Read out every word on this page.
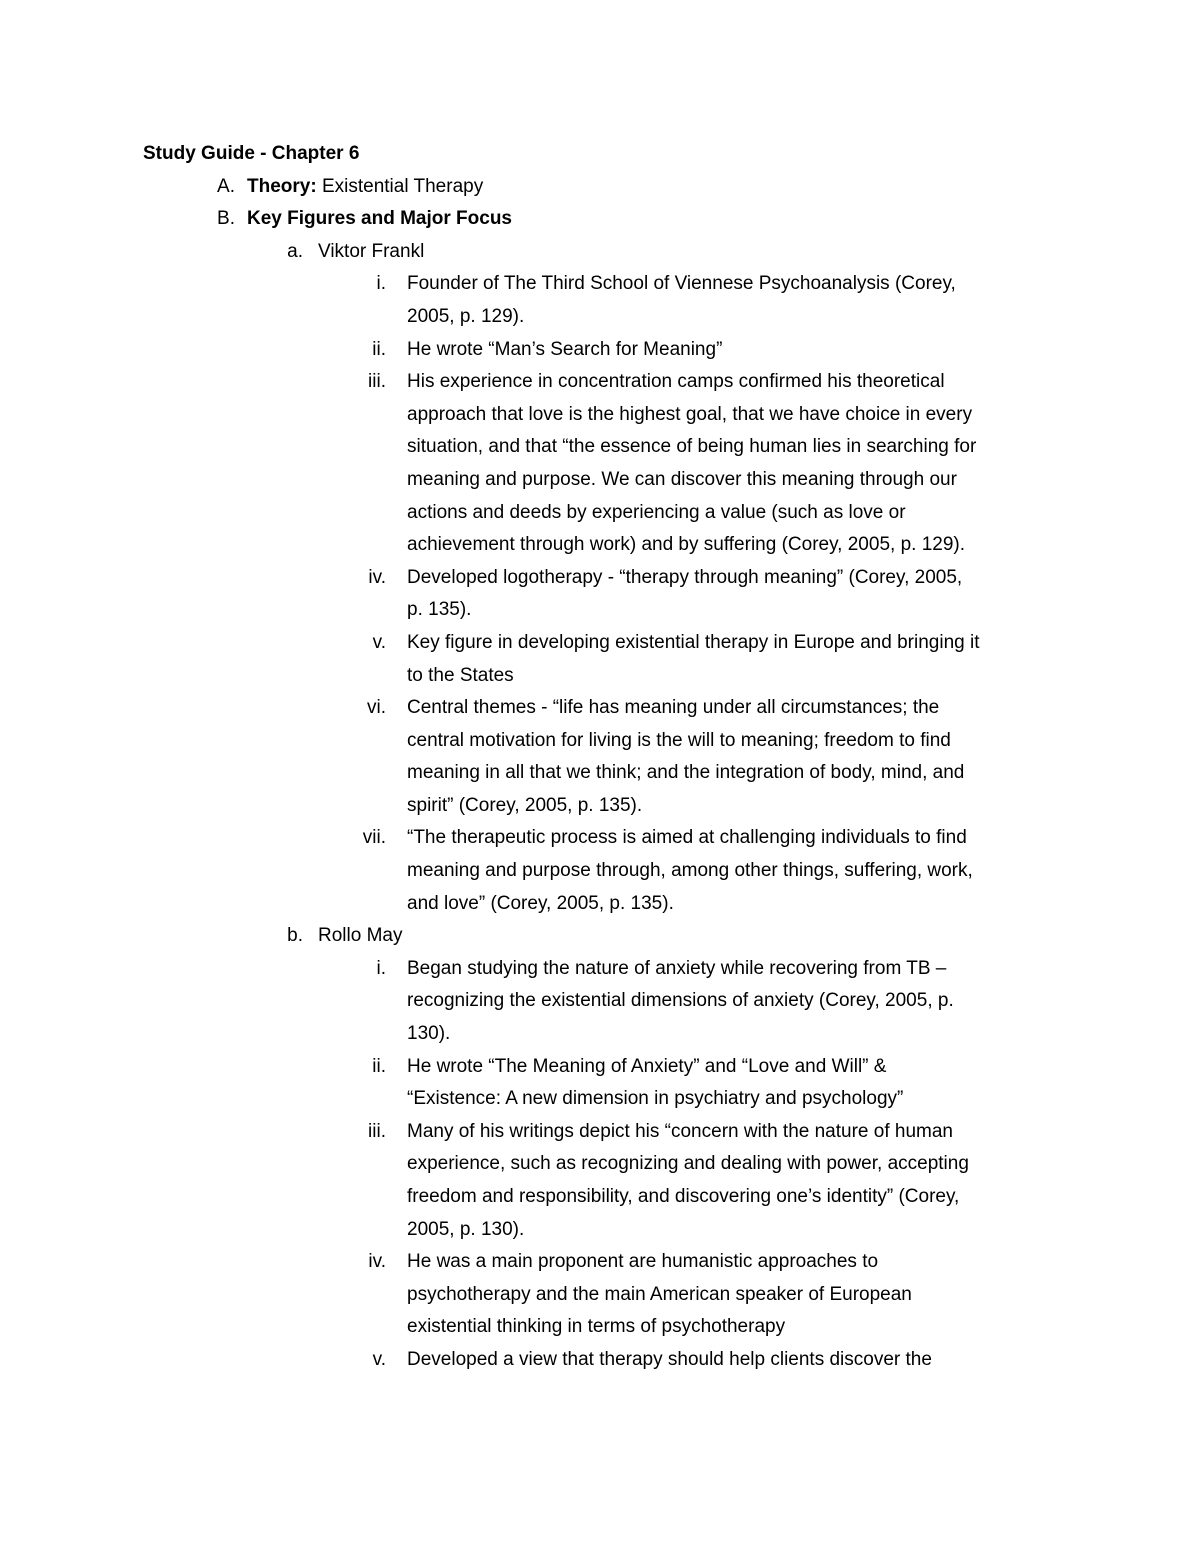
Study Guide - Chapter 6
A. Theory: Existential Therapy
B. Key Figures and Major Focus
a. Viktor Frankl
i. Founder of The Third School of Viennese Psychoanalysis (Corey,
2005, p. 129).
ii. He wrote “Man’s Search for Meaning”
iii. His experience in concentration camps confirmed his theoretical
approach that love is the highest goal, that we have choice in every
situation, and that “the essence of being human lies in searching for
meaning and purpose. We can discover this meaning through our
actions and deeds by experiencing a value (such as love or
achievement through work) and by suffering (Corey, 2005, p. 129).
iv. Developed logotherapy - “therapy through meaning” (Corey, 2005,
p. 135).
v. Key figure in developing existential therapy in Europe and bringing it
to the States
vi. Central themes - “life has meaning under all circumstances; the
central motivation for living is the will to meaning; freedom to find
meaning in all that we think; and the integration of body, mind, and
spirit” (Corey, 2005, p. 135).
vii. “The therapeutic process is aimed at challenging individuals to find
meaning and purpose through, among other things, suffering, work,
and love” (Corey, 2005, p. 135).
b. Rollo May
i. Began studying the nature of anxiety while recovering from TB –
recognizing the existential dimensions of anxiety (Corey, 2005, p.
130).
ii. He wrote “The Meaning of Anxiety” and “Love and Will” &
“Existence: A new dimension in psychiatry and psychology”
iii. Many of his writings depict his “concern with the nature of human
experience, such as recognizing and dealing with power, accepting
freedom and responsibility, and discovering one’s identity” (Corey,
2005, p. 130).
iv. He was a main proponent are humanistic approaches to
psychotherapy and the main American speaker of European
existential thinking in terms of psychotherapy
v. Developed a view that therapy should help clients discover the
